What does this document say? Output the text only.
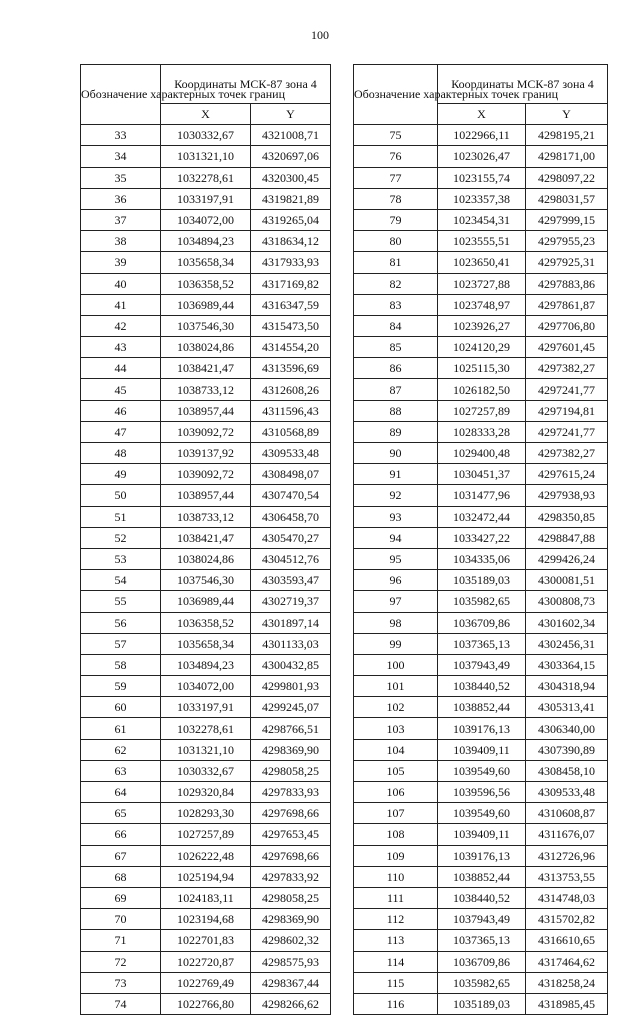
100
Обозначение характерных точек границ	Координаты МСК-87 зона 4	
	X	Y
33	1030332,67	4321008,71
34	1031321,10	4320697,06
35	1032278,61	4320300,45
36	1033197,91	4319821,89
37	1034072,00	4319265,04
38	1034894,23	4318634,12
39	1035658,34	4317933,93
40	1036358,52	4317169,82
41	1036989,44	4316347,59
42	1037546,30	4315473,50
43	1038024,86	4314554,20
44	1038421,47	4313596,69
45	1038733,12	4312608,26
46	1038957,44	4311596,43
47	1039092,72	4310568,89
48	1039137,92	4309533,48
49	1039092,72	4308498,07
50	1038957,44	4307470,54
51	1038733,12	4306458,70
52	1038421,47	4305470,27
53	1038024,86	4304512,76
54	1037546,30	4303593,47
55	1036989,44	4302719,37
56	1036358,52	4301897,14
57	1035658,34	4301133,03
58	1034894,23	4300432,85
59	1034072,00	4299801,93
60	1033197,91	4299245,07
61	1032278,61	4298766,51
62	1031321,10	4298369,90
63	1030332,67	4298058,25
64	1029320,84	4297833,93
65	1028293,30	4297698,66
66	1027257,89	4297653,45
67	1026222,48	4297698,66
68	1025194,94	4297833,92
69	1024183,11	4298058,25
70	1023194,68	4298369,90
71	1022701,83	4298602,32
72	1022720,87	4298575,93
73	1022769,49	4298367,44
74	1022766,80	4298266,62
Обозначение характерных точек границ	Координаты МСК-87 зона 4	
	X	Y
75	1022966,11	4298195,21
76	1023026,47	4298171,00
77	1023155,74	4298097,22
78	1023357,38	4298031,57
79	1023454,31	4297999,15
80	1023555,51	4297955,23
81	1023650,41	4297925,31
82	1023727,88	4297883,86
83	1023748,97	4297861,87
84	1023926,27	4297706,80
85	1024120,29	4297601,45
86	1025115,30	4297382,27
87	1026182,50	4297241,77
88	1027257,89	4297194,81
89	1028333,28	4297241,77
90	1029400,48	4297382,27
91	1030451,37	4297615,24
92	1031477,96	4297938,93
93	1032472,44	4298350,85
94	1033427,22	4298847,88
95	1034335,06	4299426,24
96	1035189,03	4300081,51
97	1035982,65	4300808,73
98	1036709,86	4301602,34
99	1037365,13	4302456,31
100	1037943,49	4303364,15
101	1038440,52	4304318,94
102	1038852,44	4305313,41
103	1039176,13	4306340,00
104	1039409,11	4307390,89
105	1039549,60	4308458,10
106	1039596,56	4309533,48
107	1039549,60	4310608,87
108	1039409,11	4311676,07
109	1039176,13	4312726,96
110	1038852,44	4313753,55
111	1038440,52	4314748,03
112	1037943,49	4315702,82
113	1037365,13	4316610,65
114	1036709,86	4317464,62
115	1035982,65	4318258,24
116	1035189,03	4318985,45
